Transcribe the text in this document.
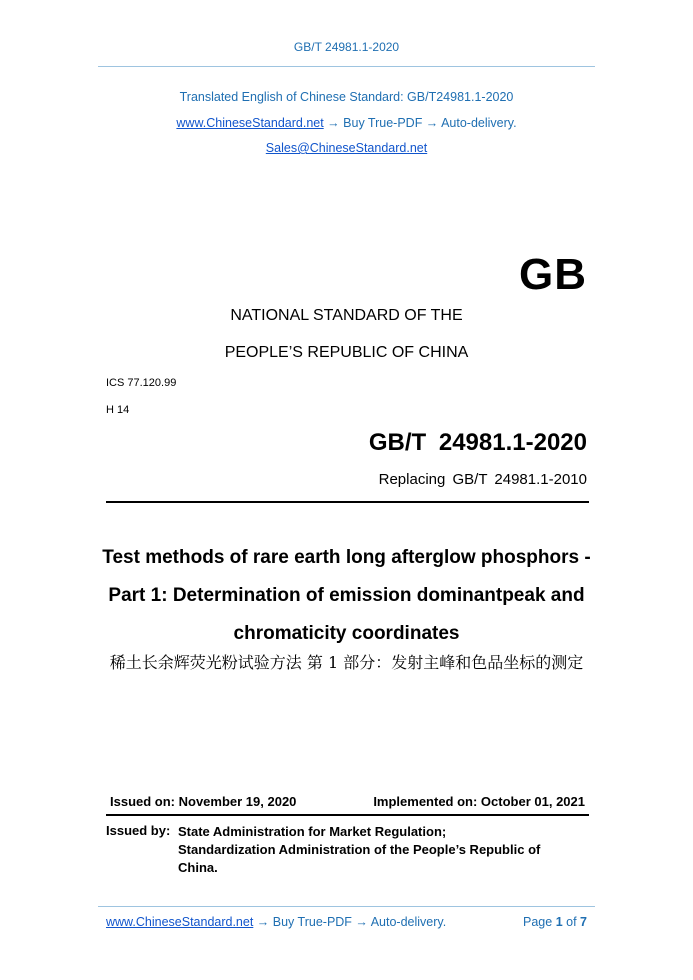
GB/T 24981.1-2020
Translated English of Chinese Standard: GB/T24981.1-2020
www.ChineseStandard.net → Buy True-PDF → Auto-delivery.
Sales@ChineseStandard.net
GB
NATIONAL STANDARD OF THE
PEOPLE’S REPUBLIC OF CHINA
ICS 77.120.99
H 14
GB/T 24981.1-2020
Replacing GB/T 24981.1-2010
Test methods of rare earth long afterglow phosphors -
Part 1: Determination of emission dominantpeak and
chromaticity coordinates
稀土长余辉荧光粉试验方法 第 1 部分：发射主峰和色品坐标的测定
Issued on: November 19, 2020	Implemented on: October 01, 2021
Issued by: State Administration for Market Regulation;
Standardization Administration of the People’s Republic of China.
www.ChineseStandard.net → Buy True-PDF → Auto-delivery.	Page 1 of 7
